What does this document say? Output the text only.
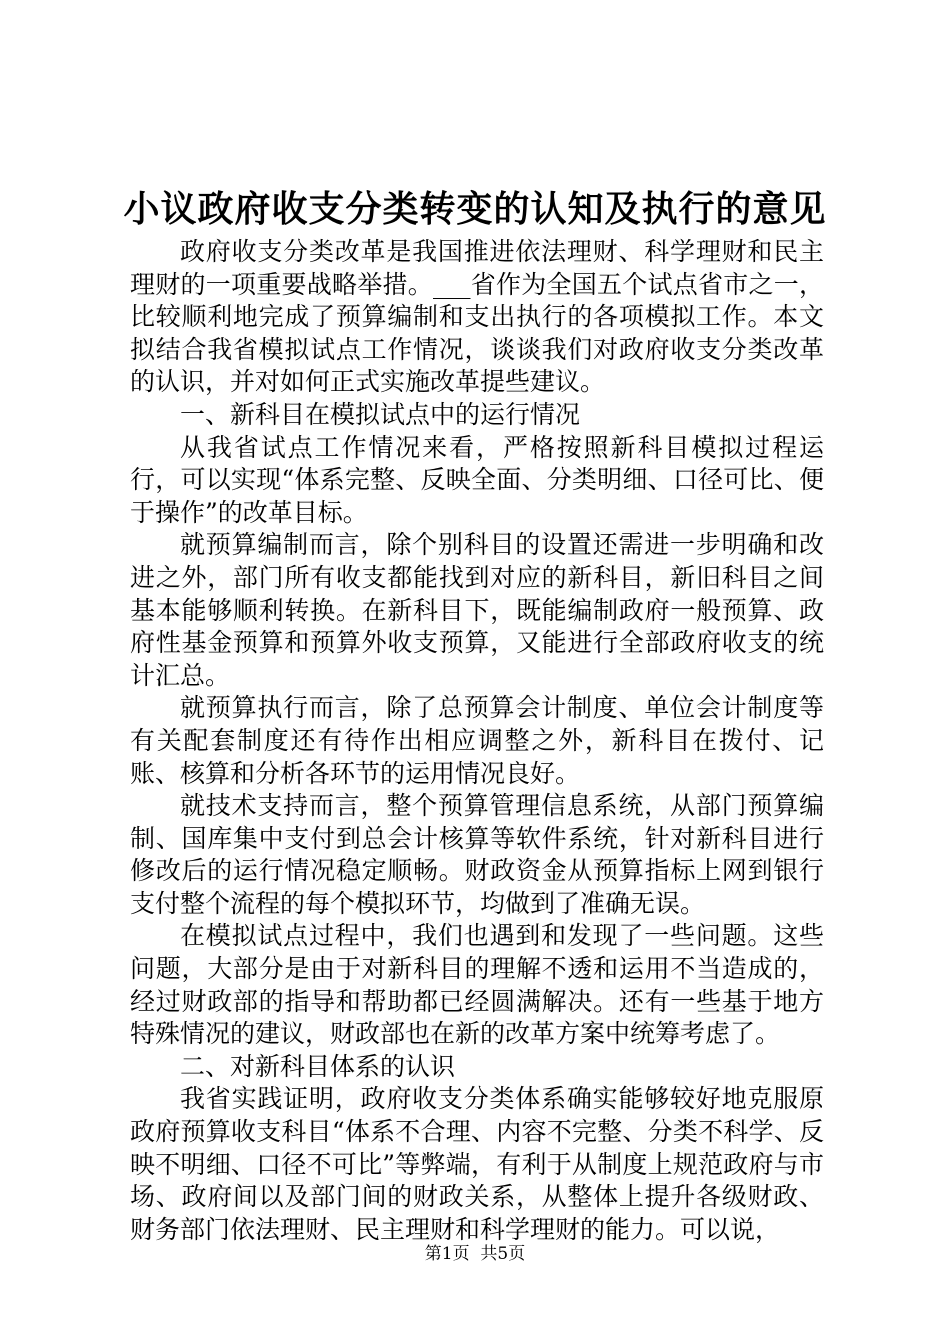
小议政府收支分类转变的认知及执行的意见

政府收支分类改革是我国推进依法理财、科学理财和民主理财的一项重要战略举措。___省作为全国五个试点省市之一，比较顺利地完成了预算编制和支出执行的各项模拟工作。本文拟结合我省模拟试点工作情况，谈谈我们对政府收支分类改革的认识，并对如何正式实施改革提些建议。

一、新科目在模拟试点中的运行情况

从我省试点工作情况来看，严格按照新科目模拟过程运行，可以实现“体系完整、反映全面、分类明细、口径可比、便于操作”的改革目标。

就预算编制而言，除个别科目的设置还需进一步明确和改进之外，部门所有收支都能找到对应的新科目，新旧科目之间基本能够顺利转换。在新科目下，既能编制政府一般预算、政府性基金预算和预算外收支预算，又能进行全部政府收支的统计汇总。

就预算执行而言，除了总预算会计制度、单位会计制度等有关配套制度还有待作出相应调整之外，新科目在拨付、记账、核算和分析各环节的运用情况良好。

就技术支持而言，整个预算管理信息系统，从部门预算编制、国库集中支付到总会计核算等软件系统，针对新科目进行修改后的运行情况稳定顺畅。财政资金从预算指标上网到银行支付整个流程的每个模拟环节，均做到了准确无误。

在模拟试点过程中，我们也遇到和发现了一些问题。这些问题，大部分是由于对新科目的理解不透和运用不当造成的，经过财政部的指导和帮助都已经圆满解决。还有一些基于地方特殊情况的建议，财政部也在新的改革方案中统筹考虑了。

二、对新科目体系的认识

我省实践证明，政府收支分类体系确实能够较好地克服原政府预算收支科目“体系不合理、内容不完整、分类不科学、反映不明细、口径不可比”等弊端，有利于从制度上规范政府与市场、政府间以及部门间的财政关系，从整体上提升各级财政、财务部门依法理财、民主理财和科学理财的能力。可以说，

第1页 共5页
